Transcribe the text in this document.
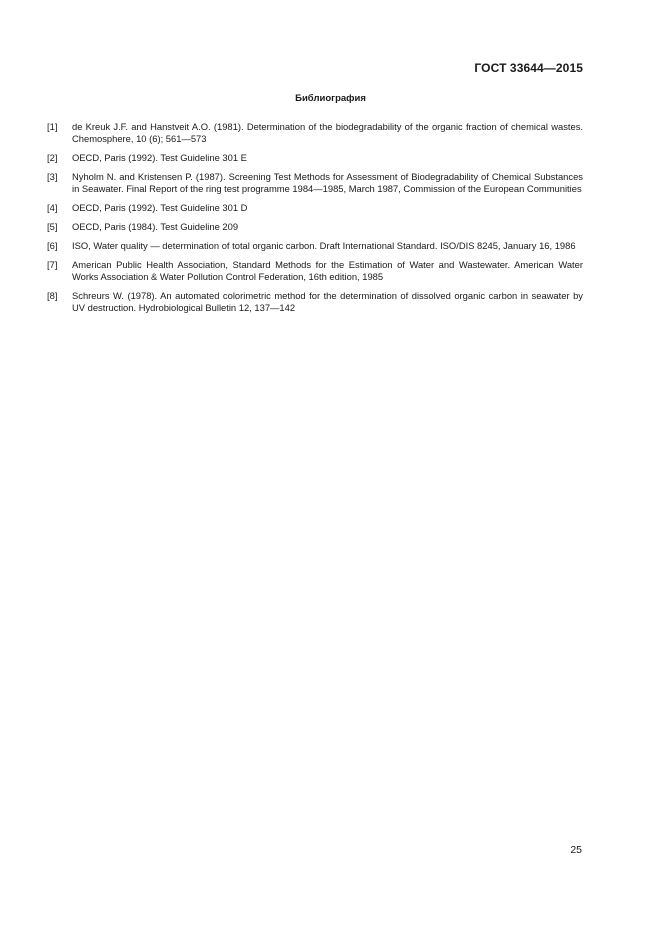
ГОСТ 33644—2015
Библиография
[1]	de Kreuk J.F. and Hanstveit A.O. (1981). Determination of the biodegradability of the organic fraction of chemical wastes. Chemosphere, 10 (6); 561—573
[2]	OECD, Paris (1992). Test Guideline 301 E
[3]	Nyholm N. and Kristensen P. (1987). Screening Test Methods for Assessment of Biodegradability of Chemical Substances in Seawater. Final Report of the ring test programme 1984—1985, March 1987, Commission of the European Communities
[4]	OECD, Paris (1992). Test Guideline 301 D
[5]	OECD, Paris (1984). Test Guideline 209
[6]	ISO, Water quality — determination of total organic carbon. Draft International Standard. ISO/DIS 8245, January 16, 1986
[7]	American Public Health Association, Standard Methods for the Estimation of Water and Wastewater. American Water Works Association & Water Pollution Control Federation, 16th edition, 1985
[8]	Schreurs W. (1978). An automated colorimetric method for the determination of dissolved organic carbon in seawater by UV destruction. Hydrobiological Bulletin 12, 137—142
25
